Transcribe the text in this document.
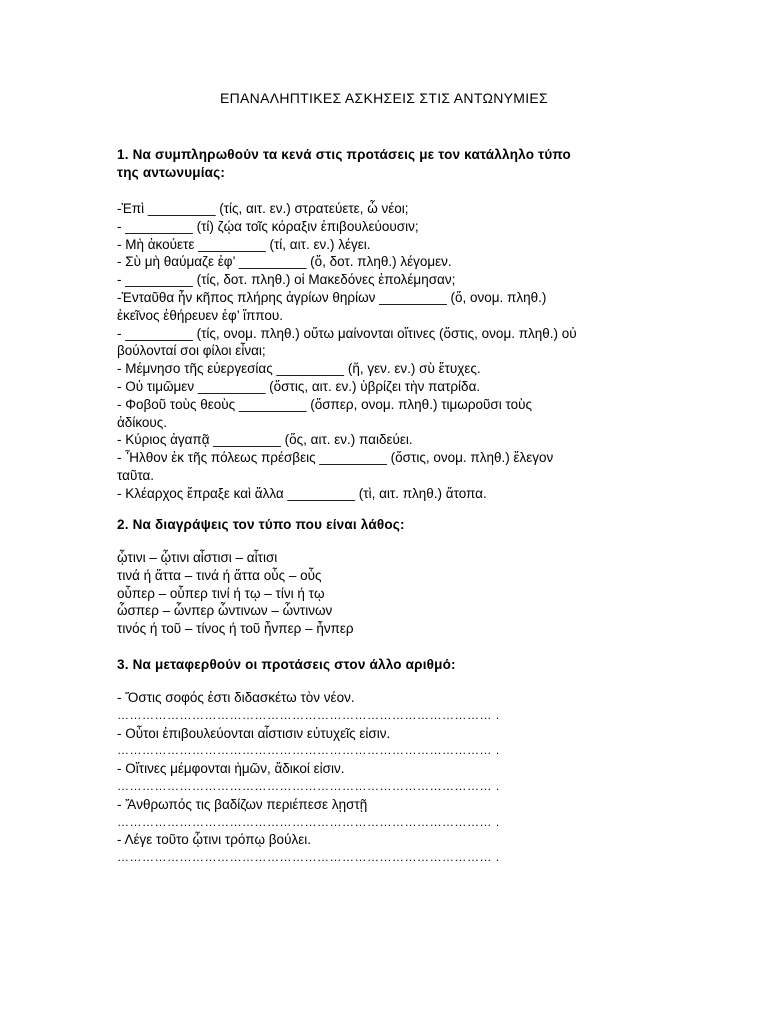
ΕΠΑΝΑΛΗΠΤΙΚΕΣ ΑΣΚΗΣΕΙΣ ΣΤΙΣ ΑΝΤΩΝΥΜΙΕΣ
1. Να συμπληρωθούν τα κενά στις προτάσεις με τον κατάλληλο τύπο
της αντωνυμίας:
-Ἐπὶ _________ (τίς, αιτ. εν.) στρατεύετε, ὦ νέοι;
- _________ (τί) ζῴα τοῖς κόραξιν ἐπιβουλεύουσιν;
- Μὴ ἀκούετε _________ (τί, αιτ. εν.) λέγει.
- Σὺ μὴ θαύμαζε ἐφ’ _________ (ὅ, δοτ. πληθ.) λέγομεν.
- _________ (τίς, δοτ. πληθ.) οἱ Μακεδόνες ἐπολέμησαν;
-Ἐνταῦθα ἦν κῆπος πλήρης ἀγρίων θηρίων _________ (ὅ, ονομ. πληθ.)
ἐκεῖνος ἐθήρευεν ἐφ’ ἵππου.
- _________ (τίς, ονομ. πληθ.) οὕτω μαίνονται οἵτινες (ὅστις, ονομ. πληθ.) οὐ
βούλονταί σοι φίλοι εἶναι;
- Μέμνησο τῆς εὐεργεσίας _________ (ἥ, γεν. εν.) σὺ ἔτυχες.
- Οὐ τιμῶμεν _________ (ὅστις, αιτ. εν.) ὑβρίζει τὴν πατρίδα.
- Φοβοῦ τοὺς θεοὺς _________ (ὅσπερ, ονομ. πληθ.) τιμωροῦσι τοὺς
ἀδίκους.
- Κύριος ἀγαπᾷ _________ (ὅς, αιτ. εν.) παιδεύει.
- Ἦλθον ἐκ τῆς πόλεως πρέσβεις _________ (ὅστις, ονομ. πληθ.) ἔλεγον
ταῦτα.
- Κλέαρχος ἔπραξε καὶ ἄλλα _________ (τὶ, αιτ. πληθ.) ἄτοπα.
2. Να διαγράψεις τον τύπο που είναι λάθος:
ᾧτινι – ᾧτινι αἷστισι – αἷτισι
τινά ή ἅττα – τινά ή ἅττα οὗς – οὗς
οὗπερ – οὗπερ τινί ή τῳ – τίνι ή τῳ
ὧσπερ – ὧνπερ ὧντινων – ὧντινων
τινός ή τοῦ – τίνος ή τοῦ ἧνπερ – ἧνπερ
3. Να μεταφερθούν οι προτάσεις στον άλλο αριθμό:
- Ὅστις σοφός ἐστι διδασκέτω τὸν νέον.
……………………………………………………………………………… .
- Οὗτοι ἐπιβουλεύονται αἷστισιν εὐτυχεῖς εἰσιν.
……………………………………………………………………………… .
- Οἵτινες μέμφονται ἡμῶν, ἄδικοί εἰσιν.
……………………………………………………………………………… .
- Ἄνθρωπός τις βαδίζων περιέπεσε λῃστῇ
……………………………………………………………………………… .
- Λέγε τοῦτο ᾧτινι τρόπῳ βούλει.
……………………………………………………………………………… .
